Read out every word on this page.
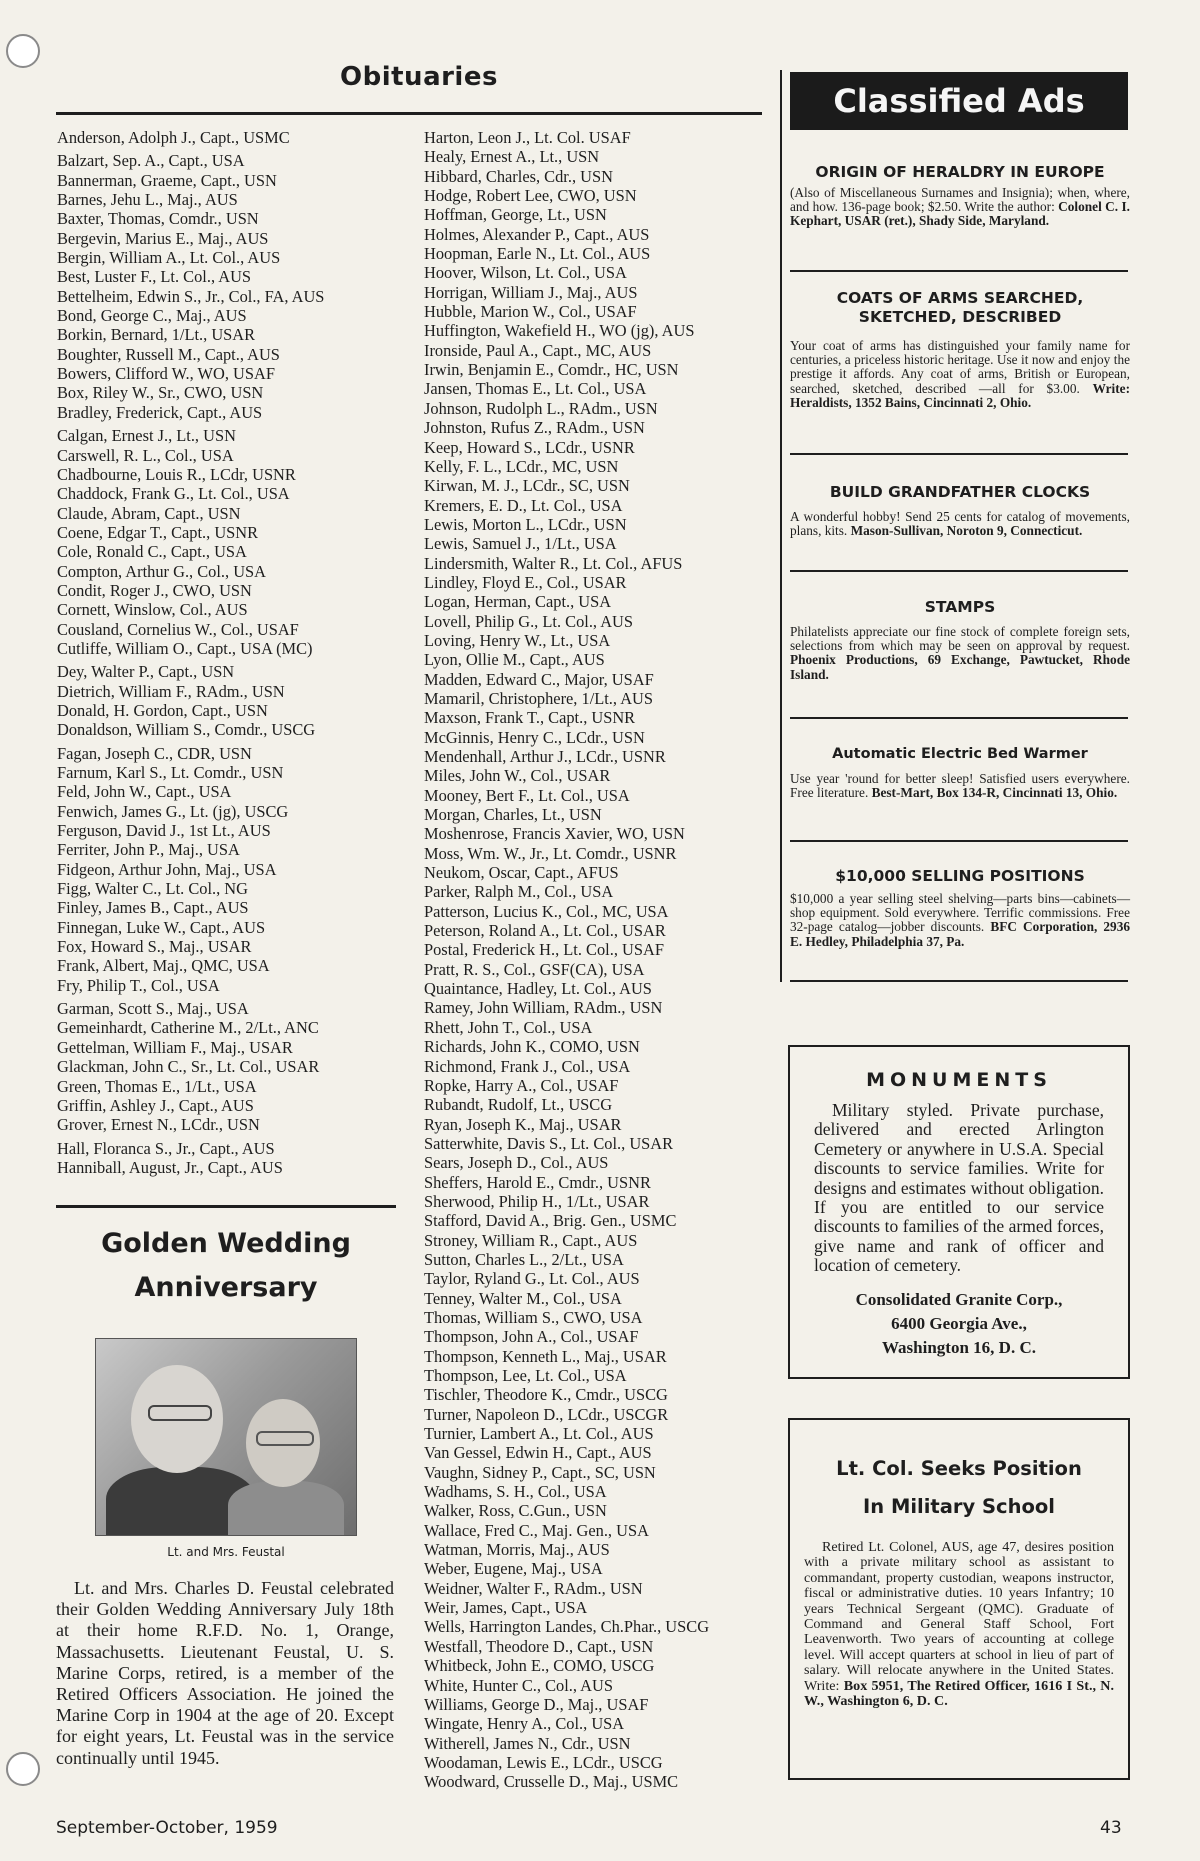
Obituaries
Anderson, Adolph J., Capt., USMC
Balzart, Sep. A., Capt., USA
Bannerman, Graeme, Capt., USN
Barnes, Jehu L., Maj., AUS
Baxter, Thomas, Comdr., USN
Bergevin, Marius E., Maj., AUS
Bergin, William A., Lt. Col., AUS
Best, Luster F., Lt. Col., AUS
Bettelheim, Edwin S., Jr., Col., FA, AUS
Bond, George C., Maj., AUS
Borkin, Bernard, 1/Lt., USAR
Boughter, Russell M., Capt., AUS
Bowers, Clifford W., WO, USAF
Box, Riley W., Sr., CWO, USN
Bradley, Frederick, Capt., AUS
Calgan, Ernest J., Lt., USN
Carswell, R. L., Col., USA
Chadbourne, Louis R., LCdr, USNR
Chaddock, Frank G., Lt. Col., USA
Claude, Abram, Capt., USN
Coene, Edgar T., Capt., USNR
Cole, Ronald C., Capt., USA
Compton, Arthur G., Col., USA
Condit, Roger J., CWO, USN
Cornett, Winslow, Col., AUS
Cousland, Cornelius W., Col., USAF
Cutliffe, William O., Capt., USA (MC)
Dey, Walter P., Capt., USN
Dietrich, William F., RAdm., USN
Donald, H. Gordon, Capt., USN
Donaldson, William S., Comdr., USCG
Fagan, Joseph C., CDR, USN
Farnum, Karl S., Lt. Comdr., USN
Feld, John W., Capt., USA
Fenwich, James G., Lt. (jg), USCG
Ferguson, David J., 1st Lt., AUS
Ferriter, John P., Maj., USA
Fidgeon, Arthur John, Maj., USA
Figg, Walter C., Lt. Col., NG
Finley, James B., Capt., AUS
Finnegan, Luke W., Capt., AUS
Fox, Howard S., Maj., USAR
Frank, Albert, Maj., QMC, USA
Fry, Philip T., Col., USA
Garman, Scott S., Maj., USA
Gemeinhardt, Catherine M., 2/Lt., ANC
Gettelman, William F., Maj., USAR
Glackman, John C., Sr., Lt. Col., USAR
Green, Thomas E., 1/Lt., USA
Griffin, Ashley J., Capt., AUS
Grover, Ernest N., LCdr., USN
Hall, Floranca S., Jr., Capt., AUS
Hanniball, August, Jr., Capt., AUS
Harton, Leon J., Lt. Col. USAF
Healy, Ernest A., Lt., USN
Hibbard, Charles, Cdr., USN
Hodge, Robert Lee, CWO, USN
Hoffman, George, Lt., USN
Holmes, Alexander P., Capt., AUS
Hoopman, Earle N., Lt. Col., AUS
Hoover, Wilson, Lt. Col., USA
Horrigan, William J., Maj., AUS
Hubble, Marion W., Col., USAF
Huffington, Wakefield H., WO (jg), AUS
Ironside, Paul A., Capt., MC, AUS
Irwin, Benjamin E., Comdr., HC, USN
Jansen, Thomas E., Lt. Col., USA
Johnson, Rudolph L., RAdm., USN
Johnston, Rufus Z., RAdm., USN
Keep, Howard S., LCdr., USNR
Kelly, F. L., LCdr., MC, USN
Kirwan, M. J., LCdr., SC, USN
Kremers, E. D., Lt. Col., USA
Lewis, Morton L., LCdr., USN
Lewis, Samuel J., 1/Lt., USA
Lindersmith, Walter R., Lt. Col., AFUS
Lindley, Floyd E., Col., USAR
Logan, Herman, Capt., USA
Lovell, Philip G., Lt. Col., AUS
Loving, Henry W., Lt., USA
Lyon, Ollie M., Capt., AUS
Madden, Edward C., Major, USAF
Mamaril, Christophere, 1/Lt., AUS
Maxson, Frank T., Capt., USNR
McGinnis, Henry C., LCdr., USN
Mendenhall, Arthur J., LCdr., USNR
Miles, John W., Col., USAR
Mooney, Bert F., Lt. Col., USA
Morgan, Charles, Lt., USN
Moshenrose, Francis Xavier, WO, USN
Moss, Wm. W., Jr., Lt. Comdr., USNR
Neukom, Oscar, Capt., AFUS
Parker, Ralph M., Col., USA
Patterson, Lucius K., Col., MC, USA
Peterson, Roland A., Lt. Col., USAR
Postal, Frederick H., Lt. Col., USAF
Pratt, R. S., Col., GSF(CA), USA
Quaintance, Hadley, Lt. Col., AUS
Ramey, John William, RAdm., USN
Rhett, John T., Col., USA
Richards, John K., COMO, USN
Richmond, Frank J., Col., USA
Ropke, Harry A., Col., USAF
Rubandt, Rudolf, Lt., USCG
Ryan, Joseph K., Maj., USAR
Satterwhite, Davis S., Lt. Col., USAR
Sears, Joseph D., Col., AUS
Sheffers, Harold E., Cmdr., USNR
Sherwood, Philip H., 1/Lt., USAR
Stafford, David A., Brig. Gen., USMC
Stroney, William R., Capt., AUS
Sutton, Charles L., 2/Lt., USA
Taylor, Ryland G., Lt. Col., AUS
Tenney, Walter M., Col., USA
Thomas, William S., CWO, USA
Thompson, John A., Col., USAF
Thompson, Kenneth L., Maj., USAR
Thompson, Lee, Lt. Col., USA
Tischler, Theodore K., Cmdr., USCG
Turner, Napoleon D., LCdr., USCGR
Turnier, Lambert A., Lt. Col., AUS
Van Gessel, Edwin H., Capt., AUS
Vaughn, Sidney P., Capt., SC, USN
Wadhams, S. H., Col., USA
Walker, Ross, C.Gun., USN
Wallace, Fred C., Maj. Gen., USA
Watman, Morris, Maj., AUS
Weber, Eugene, Maj., USA
Weidner, Walter F., RAdm., USN
Weir, James, Capt., USA
Wells, Harrington Landes, Ch.Phar., USCG
Westfall, Theodore D., Capt., USN
Whitbeck, John E., COMO, USCG
White, Hunter C., Col., AUS
Williams, George D., Maj., USAF
Wingate, Henry A., Col., USA
Witherell, James N., Cdr., USN
Woodaman, Lewis E., LCdr., USCG
Woodward, Crusselle D., Maj., USMC
Golden Wedding
Anniversary
Lt. and Mrs. Feustal
Lt. and Mrs. Charles D. Feustal celebrated their Golden Wedding Anniversary July 18th at their home R.F.D. No. 1, Orange, Massachusetts. Lieutenant Feustal, U. S. Marine Corps, retired, is a member of the Retired Officers Association. He joined the Marine Corp in 1904 at the age of 20. Except for eight years, Lt. Feustal was in the service continually until 1945.
Classified Ads
ORIGIN OF HERALDRY IN EUROPE
(Also of Miscellaneous Surnames and Insignia); when, where, and how. 136-page book; $2.50. Write the author: Colonel C. I. Kephart, USAR (ret.), Shady Side, Maryland.
COATS OF ARMS SEARCHED, SKETCHED, DESCRIBED
Your coat of arms has distinguished your family name for centuries, a priceless historic heritage. Use it now and enjoy the prestige it affords. Any coat of arms, British or European, searched, sketched, described —all for $3.00. Write: Heraldists, 1352 Bains, Cincinnati 2, Ohio.
BUILD GRANDFATHER CLOCKS
A wonderful hobby! Send 25 cents for catalog of movements, plans, kits. Mason-Sullivan, Noroton 9, Connecticut.
STAMPS
Philatelists appreciate our fine stock of complete foreign sets, selections from which may be seen on approval by request. Phoenix Productions, 69 Exchange, Pawtucket, Rhode Island.
Automatic Electric Bed Warmer
Use year 'round for better sleep! Satisfied users everywhere. Free literature. Best-Mart, Box 134-R, Cincinnati 13, Ohio.
$10,000 SELLING POSITIONS
$10,000 a year selling steel shelving—parts bins—cabinets—shop equipment. Sold everywhere. Terrific commissions. Free 32-page catalog—jobber discounts. BFC Corporation, 2936 E. Hedley, Philadelphia 37, Pa.
MONUMENTS
Military styled. Private purchase, delivered and erected Arlington Cemetery or anywhere in U.S.A. Special discounts to service families. Write for designs and estimates without obligation. If you are entitled to our service discounts to families of the armed forces, give name and rank of officer and location of cemetery.
Consolidated Granite Corp.,
6400 Georgia Ave.,
Washington 16, D. C.
Lt. Col. Seeks Position
In Military School
Retired Lt. Colonel, AUS, age 47, desires position with a private military school as assistant to commandant, property custodian, weapons instructor, fiscal or administrative duties. 10 years Infantry; 10 years Technical Sergeant (QMC). Graduate of Command and General Staff School, Fort Leavenworth. Two years of accounting at college level. Will accept quarters at school in lieu of part of salary. Will relocate anywhere in the United States. Write: Box 5951, The Retired Officer, 1616 I St., N. W., Washington 6, D. C.
September-October, 1959	43
